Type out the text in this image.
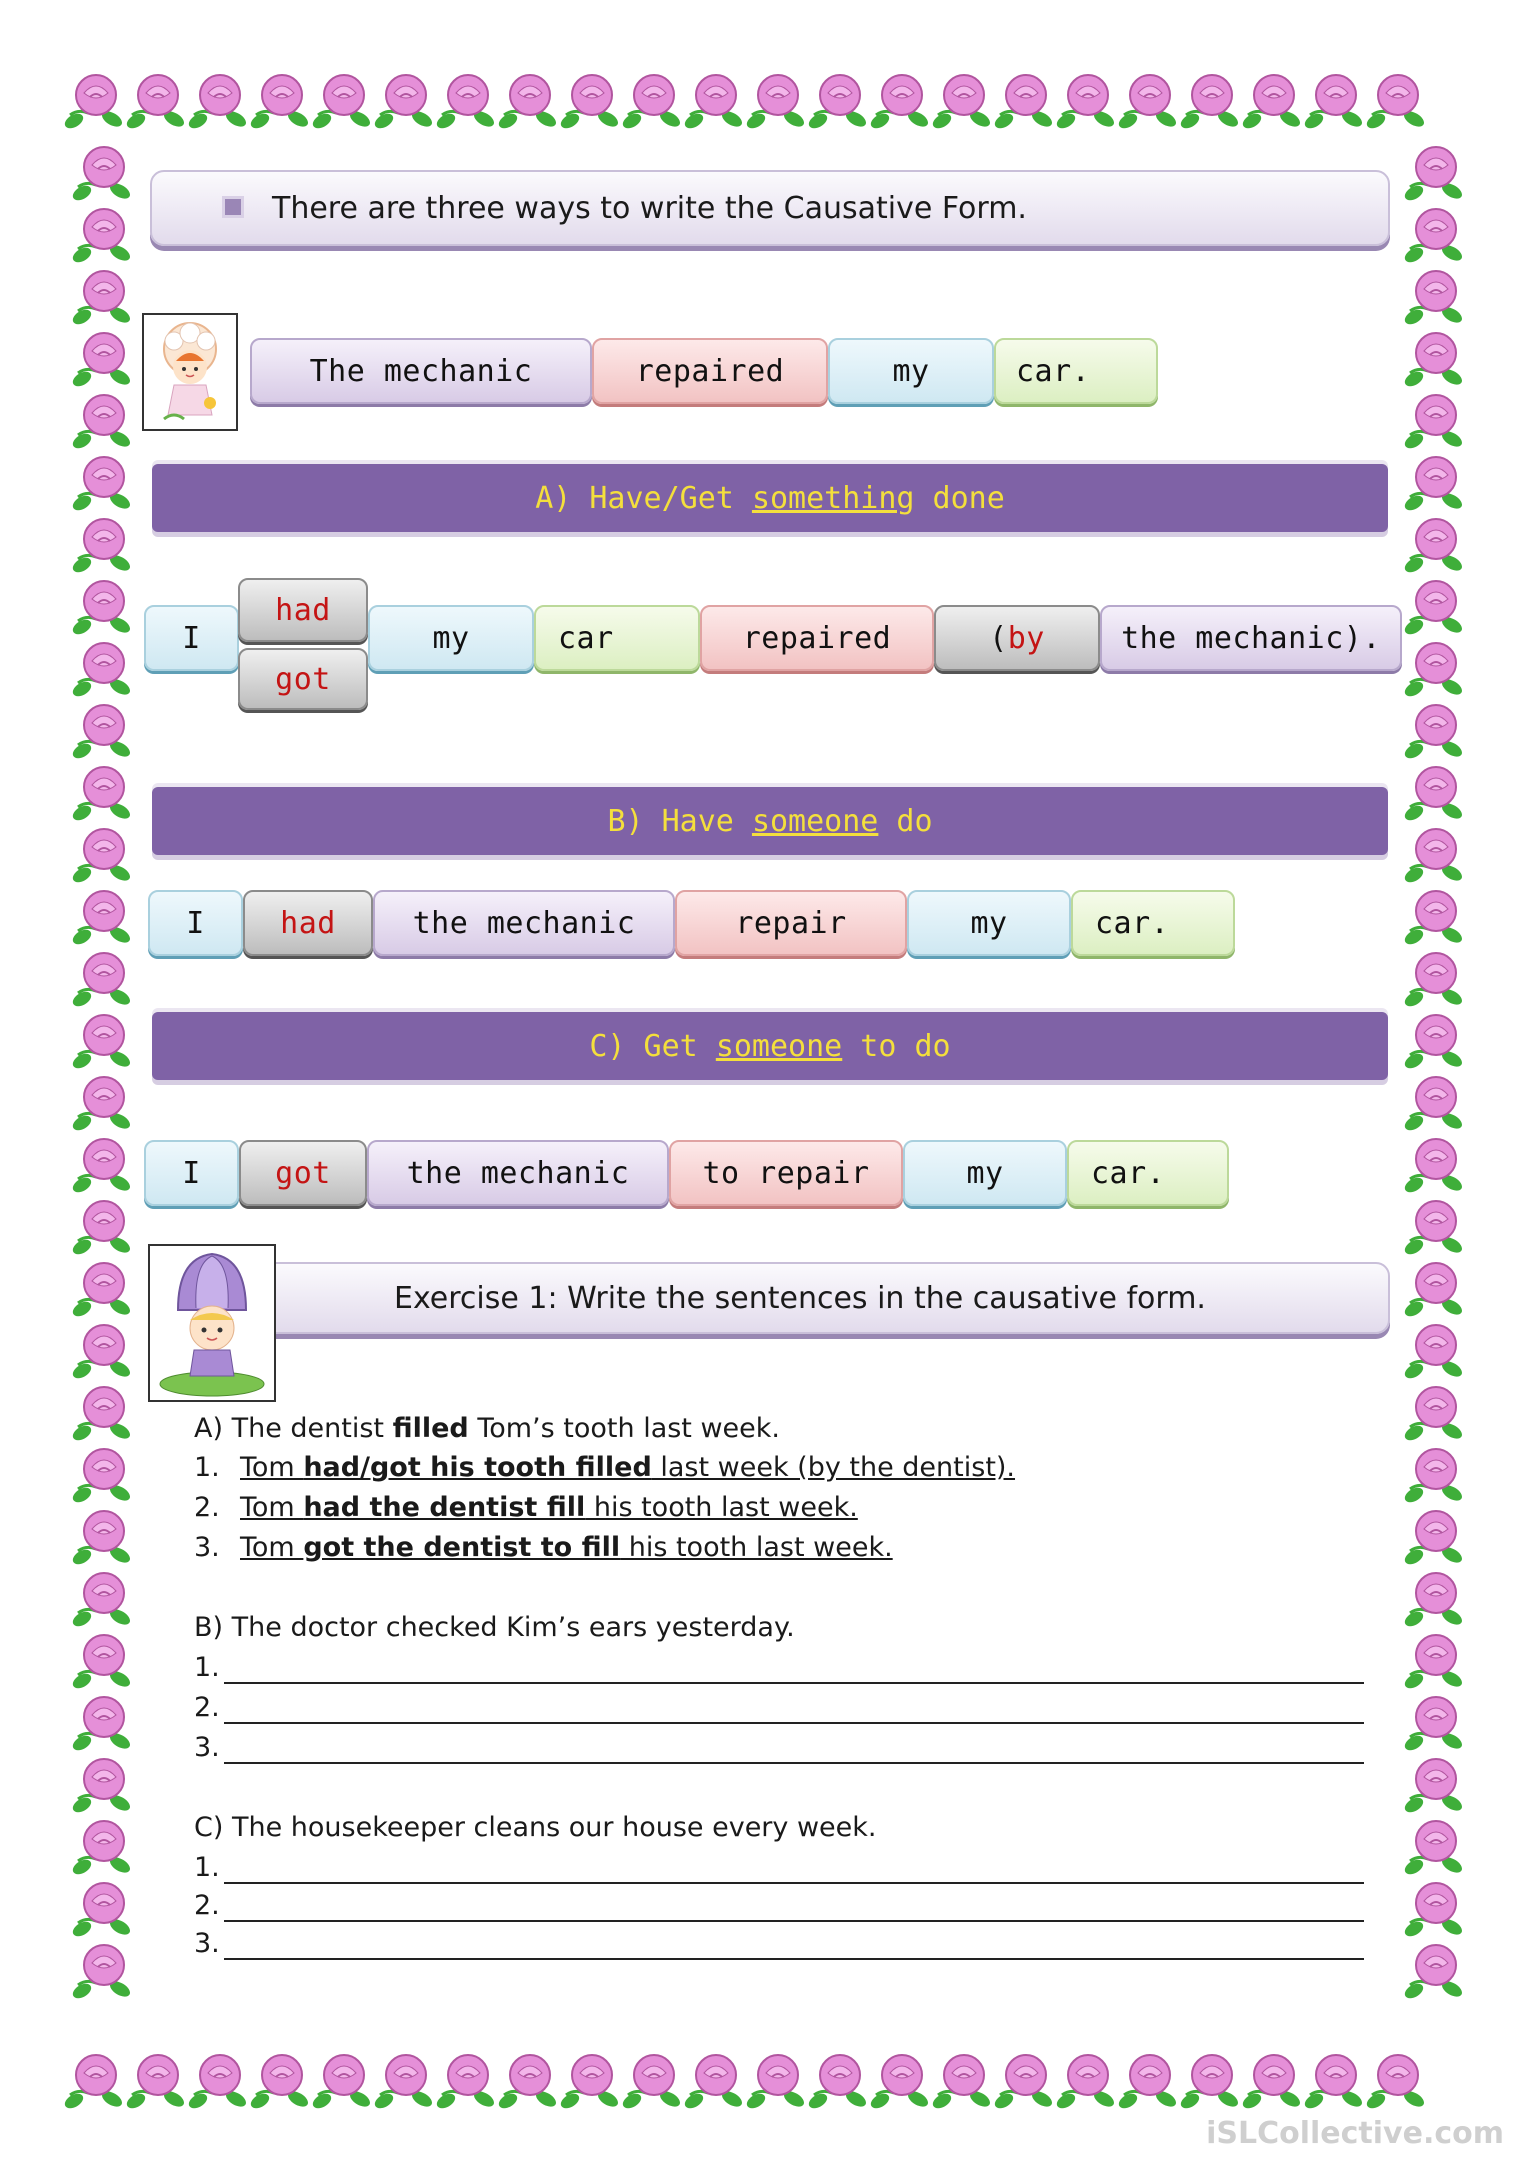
There are three ways to write the Causative Form.
The mechanic	repaired	my	car.
A) Have/Get something done
I
had
got
my	car	repaired	( by	the mechanic).
B) Have someone do
I	had	the mechanic	repair	my	car.
C) Get someone to do
I	got	the mechanic	to repair	my	car.
Exercise 1: Write the sentences in the causative form.
A) The dentist filled Tom’s tooth last week.
1. Tom had/got his tooth filled last week (by the dentist).
2. Tom had the dentist fill his tooth last week.
3. Tom got the dentist to fill his tooth last week.
B) The doctor checked Kim’s ears yesterday.
1.
2.
3.
C) The housekeeper cleans our house every week.
1.
2.
3.
iSLCollective.com
